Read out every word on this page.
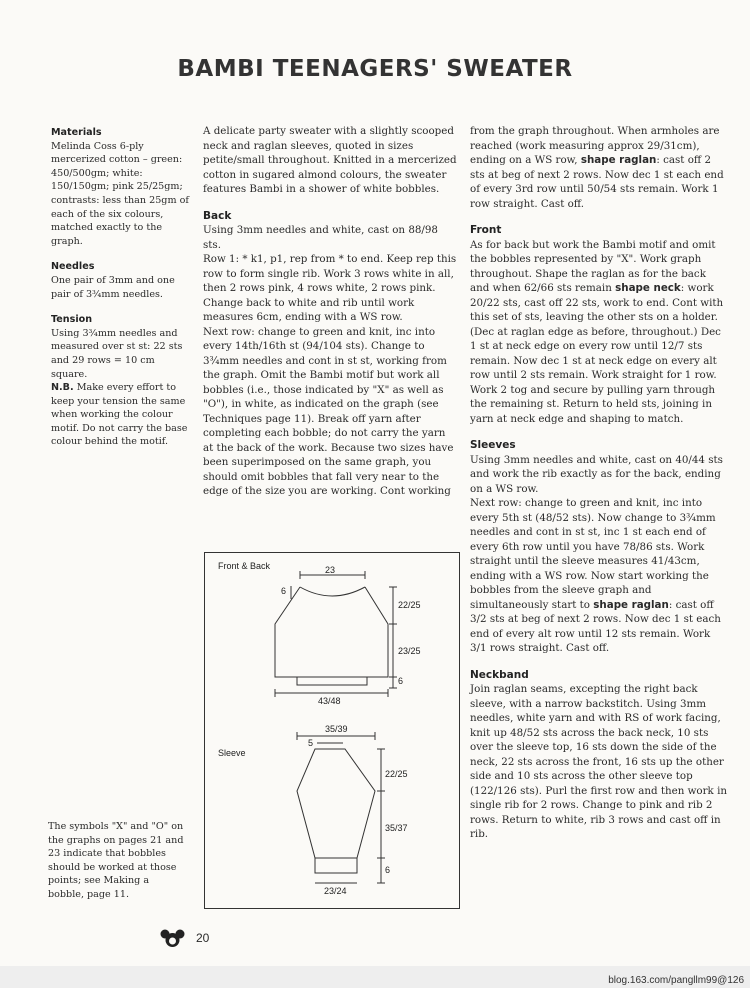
BAMBI TEENAGERS' SWEATER
Materials

Melinda Coss 6-ply mercerized cotton – green: 450/500gm; white: 150/150gm; pink 25/25gm; contrasts: less than 25gm of each of the six colours, matched exactly to the graph.

Needles

One pair of 3mm and one pair of 3¾mm needles.

Tension

Using 3¾mm needles and measured over st st: 22 sts and 29 rows = 10 cm square.

N.B. Make every effort to keep your tension the same when working the colour motif. Do not carry the base colour behind the motif.

The symbols "X" and "O" on the graphs on pages 21 and 23 indicate that bobbles should be worked at those points; see Making a bobble, page 11.

A delicate party sweater with a slightly scooped neck and raglan sleeves, quoted in sizes petite/small throughout. Knitted in a mercerized cotton in sugared almond colours, the sweater features Bambi in a shower of white bobbles.

Back

Using 3mm needles and white, cast on 88/98 sts.

Row 1: * k1, p1, rep from * to end. Keep rep this row to form single rib. Work 3 rows white in all, then 2 rows pink, 4 rows white, 2 rows pink. Change back to white and rib until work measures 6cm, ending with a WS row.

Next row: change to green and knit, inc into every 14th/16th st (94/104 sts). Change to 3¾mm needles and cont in st st, working from the graph. Omit the Bambi motif but work all bobbles (i.e., those indicated by "X" as well as "O"), in white, as indicated on the graph (see Techniques page 11). Break off yarn after completing each bobble; do not carry the yarn at the back of the work. Because two sizes have been superimposed on the same graph, you should omit bobbles that fall very near to the edge of the size you are working. Cont working

from the graph throughout. When armholes are reached (work measuring approx 29/31cm), ending on a WS row, shape raglan: cast off 2 sts at beg of next 2 rows. Now dec 1 st each end of every 3rd row until 50/54 sts remain. Work 1 row straight. Cast off.

Front

As for back but work the Bambi motif and omit the bobbles represented by "X". Work graph throughout. Shape the raglan as for the back and when 62/66 sts remain shape neck: work 20/22 sts, cast off 22 sts, work to end. Cont with this set of sts, leaving the other sts on a holder. (Dec at raglan edge as before, throughout.) Dec 1 st at neck edge on every row until 12/7 sts remain. Now dec 1 st at neck edge on every alt row until 2 sts remain. Work straight for 1 row. Work 2 tog and secure by pulling yarn through the remaining st. Return to held sts, joining in yarn at neck edge and shaping to match.

Sleeves

Using 3mm needles and white, cast on 40/44 sts and work the rib exactly as for the back, ending on a WS row.

Next row: change to green and knit, inc into every 5th st (48/52 sts). Now change to 3¾mm needles and cont in st st, inc 1 st each end of every 6th row until you have 78/86 sts. Work straight until the sleeve measures 41/43cm, ending with a WS row. Now start working the bobbles from the sleeve graph and simultaneously start to shape raglan: cast off 3/2 sts at beg of next 2 rows. Now dec 1 st each end of every alt row until 12 sts remain. Work 3/1 rows straight. Cast off.

Neckband

Join raglan seams, excepting the right back sleeve, with a narrow backstitch. Using 3mm needles, white yarn and with RS of work facing, knit up 48/52 sts across the back neck, 10 sts over the sleeve top, 16 sts down the side of the neck, 22 sts across the front, 16 sts up the other side and 10 sts across the other sleeve top (122/126 sts). Purl the first row and then work in single rib for 2 rows. Change to pink and rib 2 rows. Return to white, rib 3 rows and cast off in rib.

Front & Back	23
6
22/25
23/25
6
43/48
Sleeve
35/39
5
22/25
35/37
6
23/24
20
blog.163.com/pangllm99@126
